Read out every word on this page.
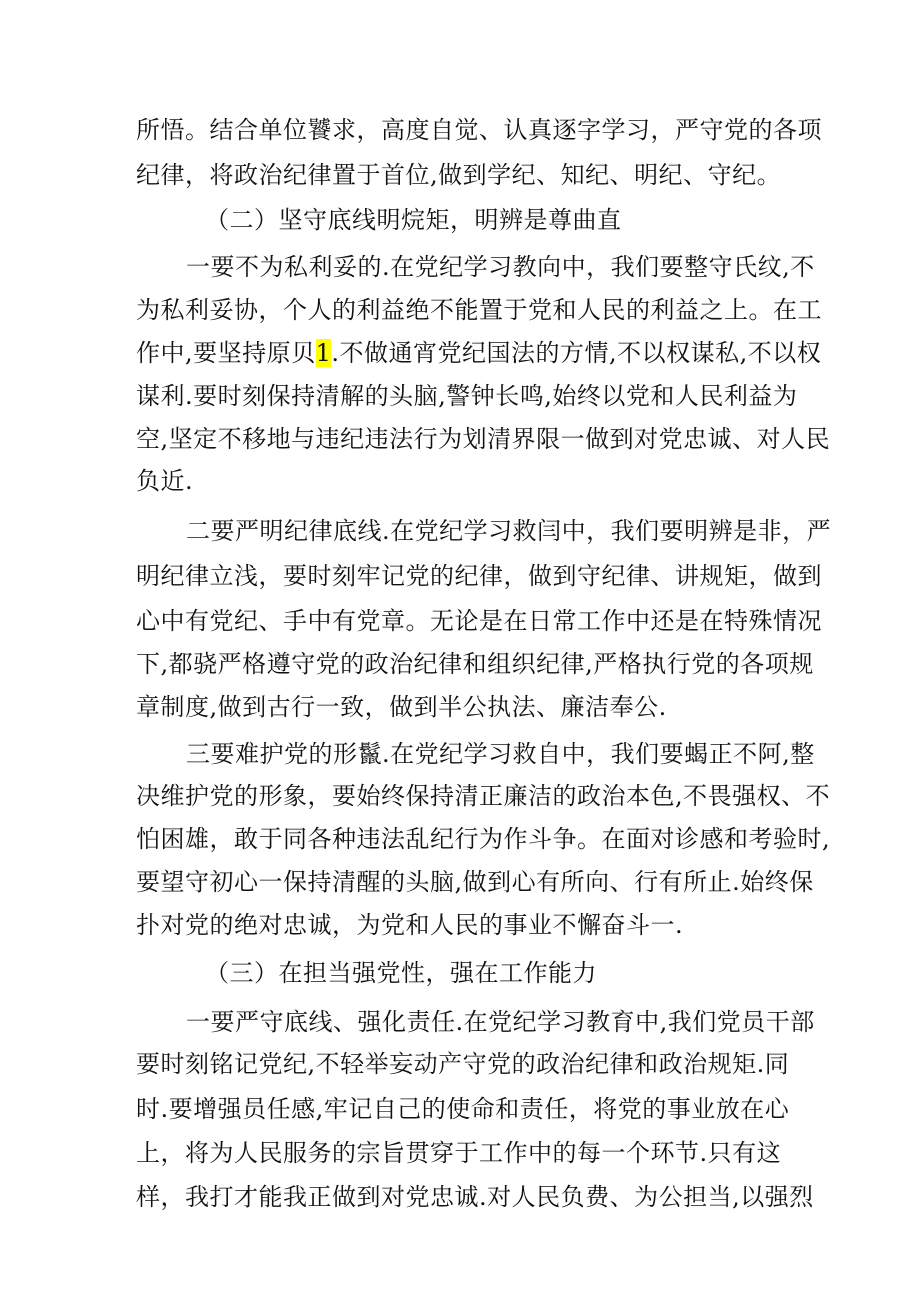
所悟。结合单位饕求，高度自觉、认真逐字学习，严守党的各项
纪律，将政治纪律置于首位,做到学纪、知纪、明纪、守纪。
（二）坚守底线明烷矩，明辨是尊曲直
一要不为私利妥的.在党纪学习教向中，我们要整守氏纹,不
为私利妥协，个人的利益绝不能置于党和人民的利益之上。在工
作中,要坚持原贝1.不做通宵党纪国法的方情,不以权谋私,不以权
谋利.要时刻保持清解的头脑,警钟长鸣,始终以党和人民利益为
空,坚定不移地与违纪违法行为划清界限一做到对党忠诚、对人民
负近.
二要严明纪律底线.在党纪学习救闫中，我们要明辨是非，严
明纪律立浅，要时刻牢记党的纪律，做到守纪律、讲规矩，做到
心中有党纪、手中有党章。无论是在日常工作中还是在特殊情况
下,都骁严格遵守党的政治纪律和组织纪律,严格执行党的各项规
章制度,做到古行一致，做到半公执法、廉洁奉公.
三要难护党的形鬣.在党纪学习救自中，我们要蝎正不阿,整
决维护党的形象，要始终保持清正廉洁的政治本色,不畏强权、不
怕困雄，敢于同各种违法乱纪行为作斗争。在面对诊感和考验时,
要望守初心一保持清醒的头脑,做到心有所向、行有所止.始终保
扑对党的绝对忠诚，为党和人民的事业不懈奋斗一.
（三）在担当强党性，强在工作能力
一要严守底线、强化责任.在党纪学习教育中,我们党员干部
要时刻铭记党纪,不轻举妄动产守党的政治纪律和政治规矩.同
时.要增强员任感,牢记自己的使命和责任，将党的事业放在心
上，将为人民服务的宗旨贯穿于工作中的每一个环节.只有这
样，我打才能我正做到对党忠诚.对人民负费、为公担当,以强烈
